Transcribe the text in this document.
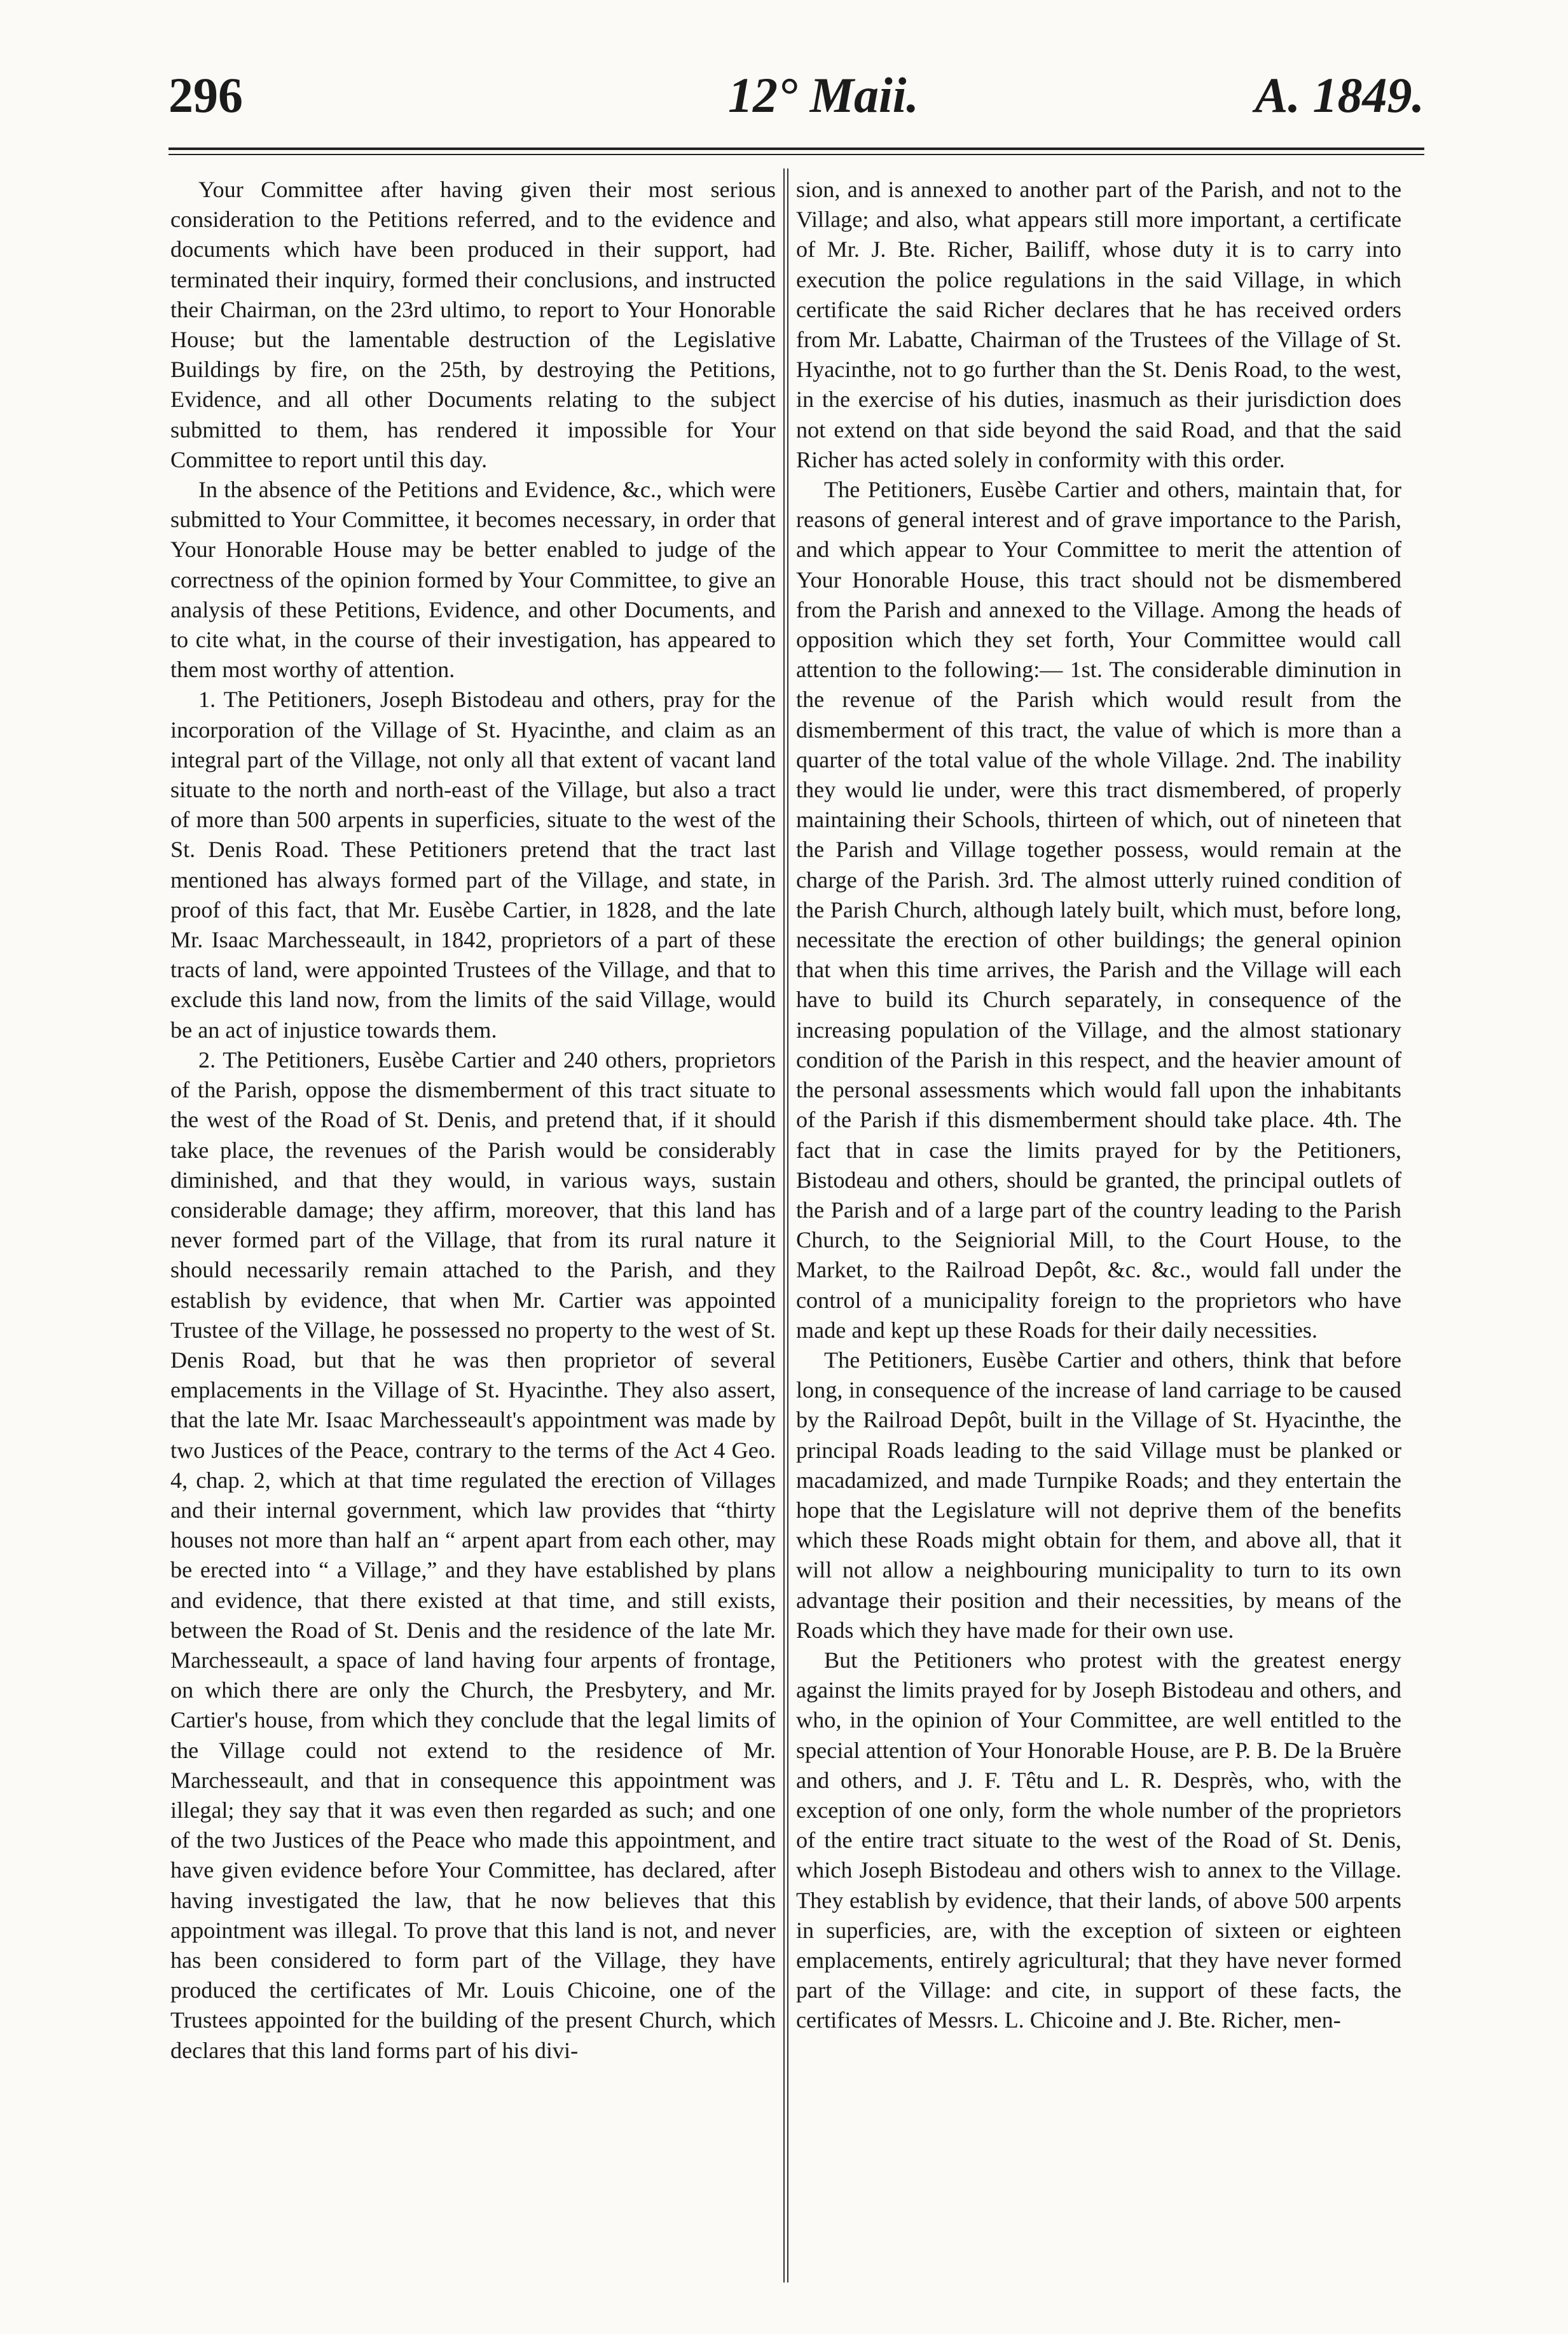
296	12° Maii.	A. 1849.

Your Committee after having given their most serious consideration to the Petitions referred, and to the evidence and documents which have been produced in their support, had terminated their inquiry, formed their conclusions, and instructed their Chairman, on the 23rd ultimo, to report to Your Honorable House; but the lamentable destruction of the Legislative Buildings by fire, on the 25th, by destroying the Petitions, Evidence, and all other Documents relating to the subject submitted to them, has rendered it impossible for Your Committee to report until this day.

In the absence of the Petitions and Evidence, &c., which were submitted to Your Committee, it becomes necessary, in order that Your Honorable House may be better enabled to judge of the correctness of the opinion formed by Your Committee, to give an analysis of these Petitions, Evidence, and other Documents, and to cite what, in the course of their investigation, has appeared to them most worthy of attention.

1. The Petitioners, Joseph Bistodeau and others, pray for the incorporation of the Village of St. Hyacinthe, and claim as an integral part of the Village, not only all that extent of vacant land situate to the north and north-east of the Village, but also a tract of more than 500 arpents in superficies, situate to the west of the St. Denis Road. These Petitioners pretend that the tract last mentioned has always formed part of the Village, and state, in proof of this fact, that Mr. Eusèbe Cartier, in 1828, and the late Mr. Isaac Marchesseault, in 1842, proprietors of a part of these tracts of land, were appointed Trustees of the Village, and that to exclude this land now, from the limits of the said Village, would be an act of injustice towards them.

2. The Petitioners, Eusèbe Cartier and 240 others, proprietors of the Parish, oppose the dismemberment of this tract situate to the west of the Road of St. Denis, and pretend that, if it should take place, the revenues of the Parish would be considerably diminished, and that they would, in various ways, sustain considerable damage; they affirm, moreover, that this land has never formed part of the Village, that from its rural nature it should necessarily remain attached to the Parish, and they establish by evidence, that when Mr. Cartier was appointed Trustee of the Village, he possessed no property to the west of St. Denis Road, but that he was then proprietor of several emplacements in the Village of St. Hyacinthe. They also assert, that the late Mr. Isaac Marchesseault's appointment was made by two Justices of the Peace, contrary to the terms of the Act 4 Geo. 4, chap. 2, which at that time regulated the erection of Villages and their internal government, which law provides that “thirty houses not more than half an “ arpent apart from each other, may be erected into “ a Village,” and they have established by plans and evidence, that there existed at that time, and still exists, between the Road of St. Denis and the residence of the late Mr. Marchesseault, a space of land having four arpents of frontage, on which there are only the Church, the Presbytery, and Mr. Cartier's house, from which they conclude that the legal limits of the Village could not extend to the residence of Mr. Marchesseault, and that in consequence this appointment was illegal; they say that it was even then regarded as such; and one of the two Justices of the Peace who made this appointment, and have given evidence before Your Committee, has declared, after having investigated the law, that he now believes that this appointment was illegal. To prove that this land is not, and never has been considered to form part of the Village, they have produced the certificates of Mr. Louis Chicoine, one of the Trustees appointed for the building of the present Church, which declares that this land forms part of his divi-

sion, and is annexed to another part of the Parish, and not to the Village; and also, what appears still more important, a certificate of Mr. J. Bte. Richer, Bailiff, whose duty it is to carry into execution the police regulations in the said Village, in which certificate the said Richer declares that he has received orders from Mr. Labatte, Chairman of the Trustees of the Village of St. Hyacinthe, not to go further than the St. Denis Road, to the west, in the exercise of his duties, inasmuch as their jurisdiction does not extend on that side beyond the said Road, and that the said Richer has acted solely in conformity with this order.

The Petitioners, Eusèbe Cartier and others, maintain that, for reasons of general interest and of grave importance to the Parish, and which appear to Your Committee to merit the attention of Your Honorable House, this tract should not be dismembered from the Parish and annexed to the Village. Among the heads of opposition which they set forth, Your Committee would call attention to the following:— 1st. The considerable diminution in the revenue of the Parish which would result from the dismemberment of this tract, the value of which is more than a quarter of the total value of the whole Village. 2nd. The inability they would lie under, were this tract dismembered, of properly maintaining their Schools, thirteen of which, out of nineteen that the Parish and Village together possess, would remain at the charge of the Parish. 3rd. The almost utterly ruined condition of the Parish Church, although lately built, which must, before long, necessitate the erection of other buildings; the general opinion that when this time arrives, the Parish and the Village will each have to build its Church separately, in consequence of the increasing population of the Village, and the almost stationary condition of the Parish in this respect, and the heavier amount of the personal assessments which would fall upon the inhabitants of the Parish if this dismemberment should take place. 4th. The fact that in case the limits prayed for by the Petitioners, Bistodeau and others, should be granted, the principal outlets of the Parish and of a large part of the country leading to the Parish Church, to the Seigniorial Mill, to the Court House, to the Market, to the Railroad Depôt, &c. &c., would fall under the control of a municipality foreign to the proprietors who have made and kept up these Roads for their daily necessities.

The Petitioners, Eusèbe Cartier and others, think that before long, in consequence of the increase of land carriage to be caused by the Railroad Depôt, built in the Village of St. Hyacinthe, the principal Roads leading to the said Village must be planked or macadamized, and made Turnpike Roads; and they entertain the hope that the Legislature will not deprive them of the benefits which these Roads might obtain for them, and above all, that it will not allow a neighbouring municipality to turn to its own advantage their position and their necessities, by means of the Roads which they have made for their own use.

But the Petitioners who protest with the greatest energy against the limits prayed for by Joseph Bistodeau and others, and who, in the opinion of Your Committee, are well entitled to the special attention of Your Honorable House, are P. B. De la Bruère and others, and J. F. Têtu and L. R. Desprès, who, with the exception of one only, form the whole number of the proprietors of the entire tract situate to the west of the Road of St. Denis, which Joseph Bistodeau and others wish to annex to the Village. They establish by evidence, that their lands, of above 500 arpents in superficies, are, with the exception of sixteen or eighteen emplacements, entirely agricultural; that they have never formed part of the Village: and cite, in support of these facts, the certificates of Messrs. L. Chicoine and J. Bte. Richer, men-
